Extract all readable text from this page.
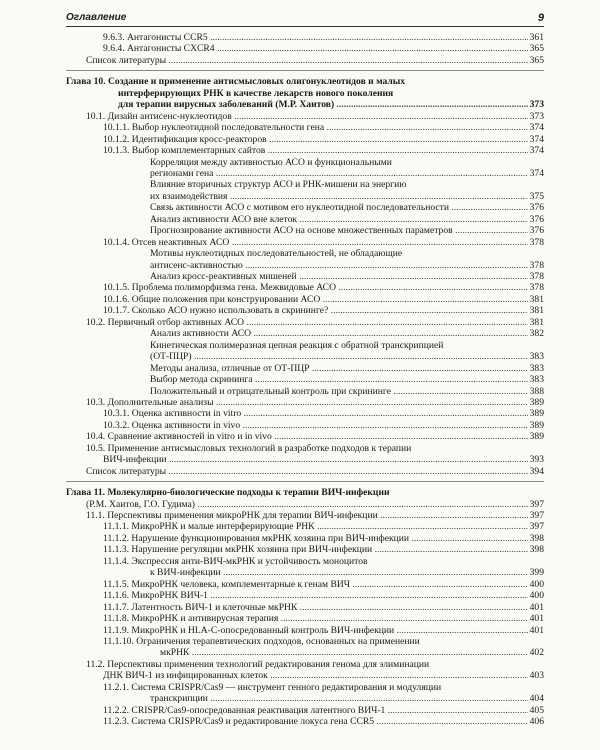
Оглавление	9
9.6.3. Антагонисты CCR5 .....	361
9.6.4. Антагонисты CXCR4 .....	365
Список литературы .....	365
Глава 10. Создание и применение антисмысловых олигонуклеотидов и малых
интерферирующих РНК в качестве лекарств нового поколения
для терапии вирусных заболеваний (М.Р. Хаитов) .....	373
10.1. Дизайн антисенс-нуклеотидов .....	373
10.1.1. Выбор нуклеотидной последовательности гена .....	374
10.1.2. Идентификация кросс-реакторов .....	374
10.1.3. Выбор комплементарных сайтов .....	374
Корреляция между активностью АСО и функциональными
регионами гена .....	374
Влияние вторичных структур АСО и РНК-мишени на энергию
их взаимодействия .....	375
Связь активности АСО с мотивом его нуклеотидной последовательности .....	376
Анализ активности АСО вне клеток .....	376
Прогнозирование активности АСО на основе множественных параметров .....	376
10.1.4. Отсев неактивных АСО .....	378
Мотивы нуклеотидных последовательностей, не обладающие
антисенс-активностью .....	378
Анализ кросс-реактивных мишеней .....	378
10.1.5. Проблема полиморфизма гена. Межвидовые АСО .....	378
10.1.6. Общие положения при конструировании АСО .....	381
10.1.7. Сколько АСО нужно использовать в скрининге? .....	381
10.2. Первичный отбор активных АСО .....	381
Анализ активности АСО .....	382
Кинетическая полимеразная цепная реакция с обратной транскрипцией
(ОТ-ПЦР) .....	383
Методы анализа, отличные от ОТ-ПЦР .....	383
Выбор метода скрининга .....	383
Положительный и отрицательный контроль при скрининге .....	388
10.3. Дополнительные анализы .....	389
10.3.1. Оценка активности in vitro .....	389
10.3.2. Оценка активности in vivo .....	389
10.4. Сравнение активностей in vitro и in vivo .....	389
10.5. Применение антисмысловых технологий в разработке подходов к терапии
ВИЧ-инфекции .....	393
Список литературы .....	394
Глава 11. Молекулярно-биологические подходы к терапии ВИЧ-инфекции
(Р.М. Хаитов, Г.О. Гудима) .....	397
11.1. Перспективы применения микроРНК для терапии ВИЧ-инфекции .....	397
11.1.1. МикроРНК и малые интерферирующие РНК .....	397
11.1.2. Нарушение функционирования мкРНК хозяина при ВИЧ-инфекции .....	398
11.1.3. Нарушение регуляции мкРНК хозяина при ВИЧ-инфекции .....	398
11.1.4. Экспрессия анти-ВИЧ-мкРНК и устойчивость моноцитов
к ВИЧ-инфекции .....	399
11.1.5. МикроРНК человека, комплементарные к генам ВИЧ .....	400
11.1.6. МикроРНК ВИЧ-1 .....	400
11.1.7. Латентность ВИЧ-1 и клеточные мкРНК .....	401
11.1.8. МикроРНК и антивирусная терапия .....	401
11.1.9. МикроРНК и HLA-C-опосредованный контроль ВИЧ-инфекции .....	401
11.1.10. Ограничения терапевтических подходов, основанных на применении
мкРНК .....	402
11.2. Перспективы применения технологий редактирования генома для элиминации
ДНК ВИЧ-1 из инфицированных клеток .....	403
11.2.1. Система CRISPR/Cas9 — инструмент генного редактирования и модуляции
транскрипции .....	404
11.2.2. CRISPR/Cas9-опосредованная реактивация латентного ВИЧ-1 .....	405
11.2.3. Система CRISPR/Cas9 и редактирование локуса гена CCR5 .....	406
